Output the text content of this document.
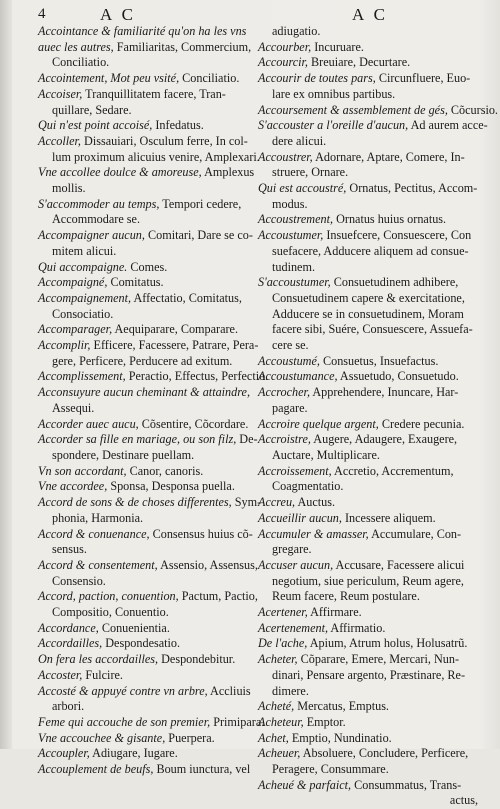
4	A C	A C
Accointance & familiarité qu'on ha les vns
auec les autres, Familiaritas, Commercium,
Conciliatio.
Accointement, Mot peu vsité, Conciliatio.
Accoiser, Tranquillitatem facere, Tran-
quillare, Sedare.
Qui n'est point accoisé, Infedatus.
Accoller, Dissauiari, Osculum ferre, In col-
lum proximum alicuius venire, Amplexari.
Vne accollee doulce & amoreuse, Amplexus
mollis.
S'accommoder au temps, Tempori cedere,
Accommodare se.
Accompaigner aucun, Comitari, Dare se co-
mitem alicui.
Qui accompaigne. Comes.
Accompaigné, Comitatus.
Accompaignement, Affectatio, Comitatus,
Consociatio.
Accomparager, Aequiparare, Comparare.
Accomplir, Efficere, Facessere, Patrare, Pera-
gere, Perficere, Perducere ad exitum.
Accomplissement, Peractio, Effectus, Perfectio.
Acconsuyure aucun cheminant & attaindre,
Assequi.
Accorder auec aucu, Cõsentire, Cõcordare.
Accorder sa fille en mariage, ou son filz, De-
spondere, Destinare puellam.
Vn son accordant, Canor, canoris.
Vne accordee, Sponsa, Desponsa puella.
Accord de sons & de choses differentes, Sym-
phonia, Harmonia.
Accord & conuenance, Consensus huius cõ-
sensus.
Accord & consentement, Assensio, Assensus,
Consensio.
Accord, paction, conuention, Pactum, Pactio,
Compositio, Conuentio.
Accordance, Conuenientia.
Accordailles, Despondesatio.
On fera les accordailles, Despondebitur.
Accoster, Fulcire.
Accosté & appuyé contre vn arbre, Accliuis
arbori.
Feme qui accouche de son premier, Primipara.
Vne accouchee & gisante, Puerpera.
Accoupler, Adiugare, Iugare.
Accouplement de beufs, Boum iunctura, vel
adiugatio.
Accourber, Incuruare.
Accourcir, Breuiare, Decurtare.
Accourir de toutes pars, Circunfluere, Euo-
lare ex omnibus partibus.
Accoursement & assemblement de gés, Cõcursio.
S'accouster a l'oreille d'aucun, Ad aurem acce-
dere alicui.
Accoustrer, Adornare, Aptare, Comere, In-
struere, Ornare.
Qui est accoustré, Ornatus, Pectitus, Accom-
modus.
Accoustrement, Ornatus huius ornatus.
Accoustumer, Insuefcere, Consuescere, Con
suefacere, Adducere aliquem ad consue-
tudinem.
S'accoustumer, Consuetudinem adhibere,
Consuetudinem capere & exercitatione,
Adducere se in consuetudinem, Moram
facere sibi, Suére, Consuescere, Assuefa-
cere se.
Accoustumé, Consuetus, Insuefactus.
Accoustumance, Assuetudo, Consuetudo.
Accrocher, Apprehendere, Inuncare, Har-
pagare.
Accroire quelque argent, Credere pecunia.
Accroistre, Augere, Adaugere, Exaugere,
Auctare, Multiplicare.
Accroissement, Accretio, Accrementum,
Coagmentatio.
Accreu, Auctus.
Accueillir aucun, Incessere aliquem.
Accumuler & amasser, Accumulare, Con-
gregare.
Accuser aucun, Accusare, Facessere alicui
negotium, siue periculum, Reum agere,
Reum facere, Reum postulare.
Acertener, Affirmare.
Acertenement, Affirmatio.
De l'ache, Apium, Atrum holus, Holusatrũ.
Acheter, Cõparare, Emere, Mercari, Nun-
dinari, Pensare argento, Præstinare, Re-
dimere.
Acheté, Mercatus, Emptus.
Acheteur, Emptor.
Achet, Emptio, Nundinatio.
Acheuer, Absoluere, Concludere, Perficere,
Peragere, Consummare.
Acheué & parfaict, Consummatus, Trans-
actus,
